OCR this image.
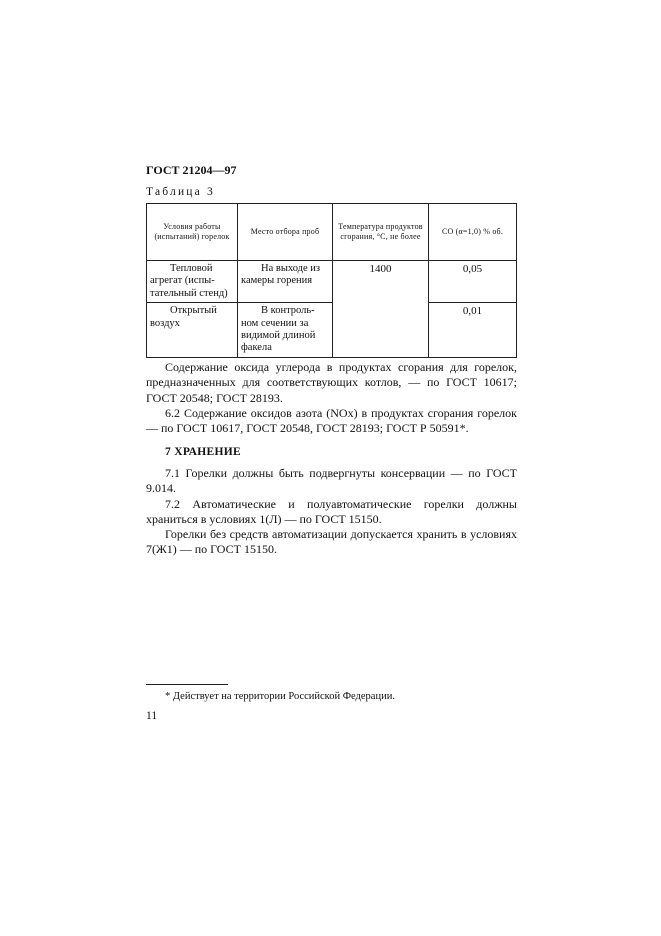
ГОСТ 21204—97
Таблица 3
Условия работы (испытаний) горелок	Место отбора проб	Температура продуктов сгорания, °С, не более	СО (α=1,0) % об.
Тепловой
агрегат (испы-
тательный стенд)	На выходе из
камеры горения	1400	0,05
Открытый
воздух	В контроль-
ном сечении за
видимой длиной
факела		0,01

Содержание оксида углерода в продуктах сгорания для горелок, предназначенных для соответствующих котлов, — по ГОСТ 10617; ГОСТ 20548; ГОСТ 28193.

6.2 Содержание оксидов азота (NOx) в продуктах сгорания горелок — по ГОСТ 10617, ГОСТ 20548, ГОСТ 28193; ГОСТ Р 50591*.

7 ХРАНЕНИЕ

7.1 Горелки должны быть подвергнуты консервации — по ГОСТ 9.014.

7.2 Автоматические и полуавтоматические горелки должны храниться в условиях 1(Л) — по ГОСТ 15150.

Горелки без средств автоматизации допускается хранить в условиях 7(Ж1) — по ГОСТ 15150.

* Действует на территории Российской Федерации.
11
